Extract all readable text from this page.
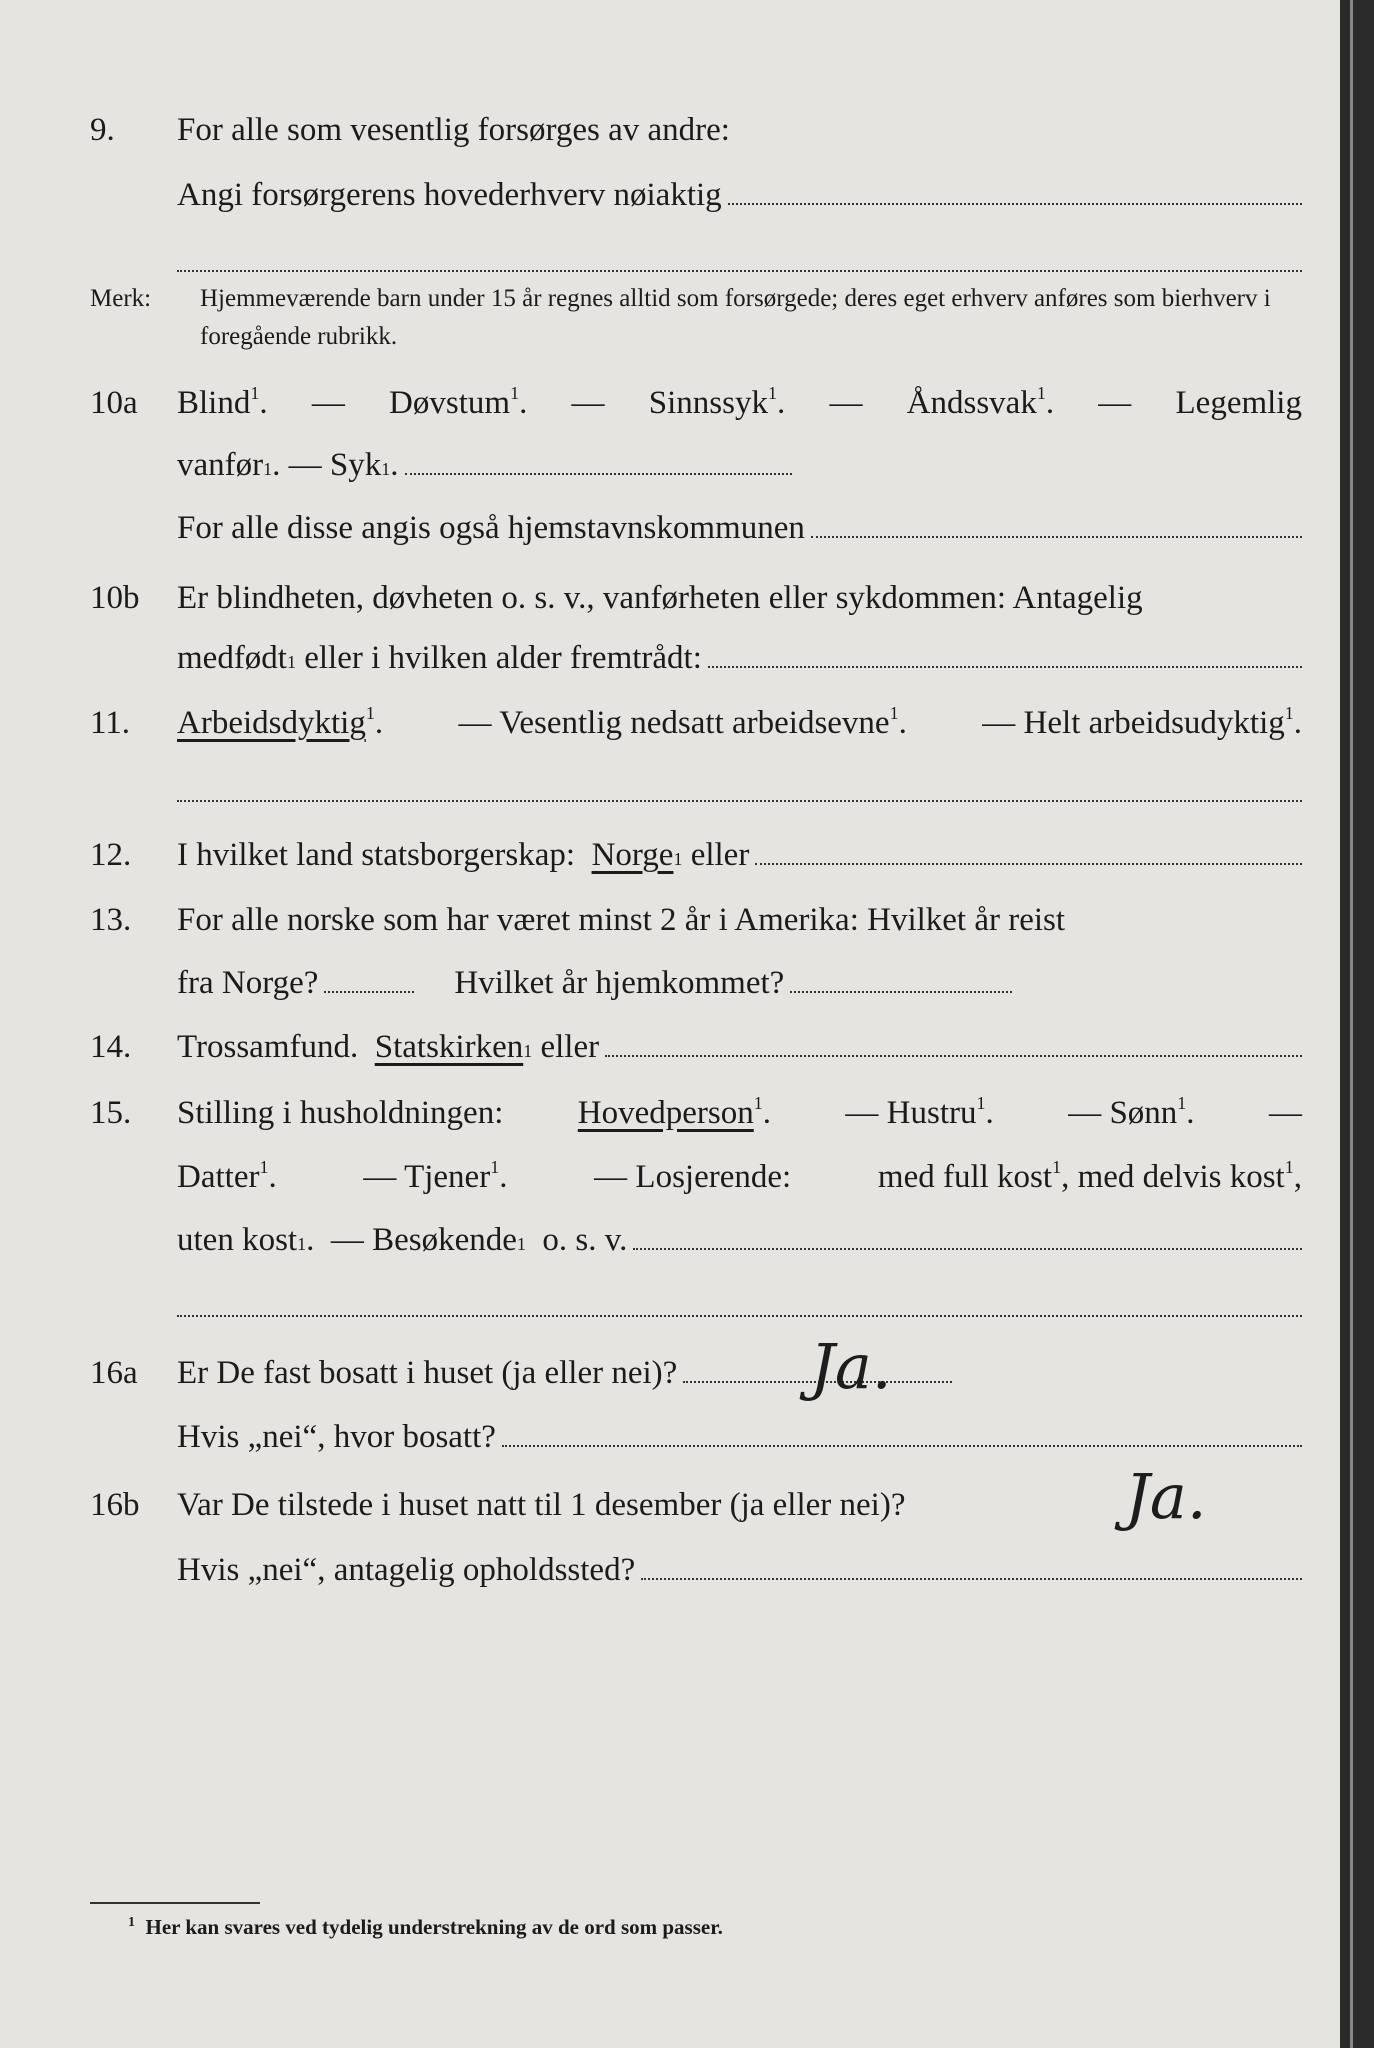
9. For alle som vesentlig forsørges av andre:
Angi forsørgerens hovederhverv nøiaktig
Merk: Hjemmeværende barn under 15 år regnes alltid som forsørgede; deres eget erhverv anføres som bierhverv i foregående rubrikk.
10a Blind$^1$. — Døvstum$^1$. — Sinnssyk$^1$. — Åndssvak$^1$. — Legemlig
vanfør 1 . — Syk 1 .
For alle disse angis også hjemstavnskommunen
10b Er blindheten, døvheten o. s. v., vanførheten eller sykdommen: Antagelig
medfødt 1
eller i hvilken alder fremtrådt:
11. Arbeidsdyktig$^1$. — Vesentlig nedsatt arbeidsevne$^1$. — Helt arbeidsudyktig$^1$.
12. I hvilket land statsborgerskap:
Norge 1
eller
13. For alle norske som har været minst 2 år i Amerika: Hvilket år reist
fra Norge?	Hvilket år hjemkommet?
14. Trossamfund.
Statskirken 1
eller
15. Stilling i husholdningen: Hovedperson$^1$. — Hustru$^1$. — Sønn$^1$. —
Datter$^1$.	— Tjener$^1$.	— Losjerende:	med full kost$^1$, med delvis kost$^1$,
uten kost 1 . — Besøkende 1
o. s. v.
16a Er De fast bosatt i huset (ja eller nei)? Ja.
Hvis „nei“, hvor bosatt?
16b Var De tilstede i huset natt til 1 desember (ja eller nei)?	Ja.
Hvis „nei“, antagelig opholdssted?
$^1$ Her kan svares ved tydelig understrekning av de ord som passer.
